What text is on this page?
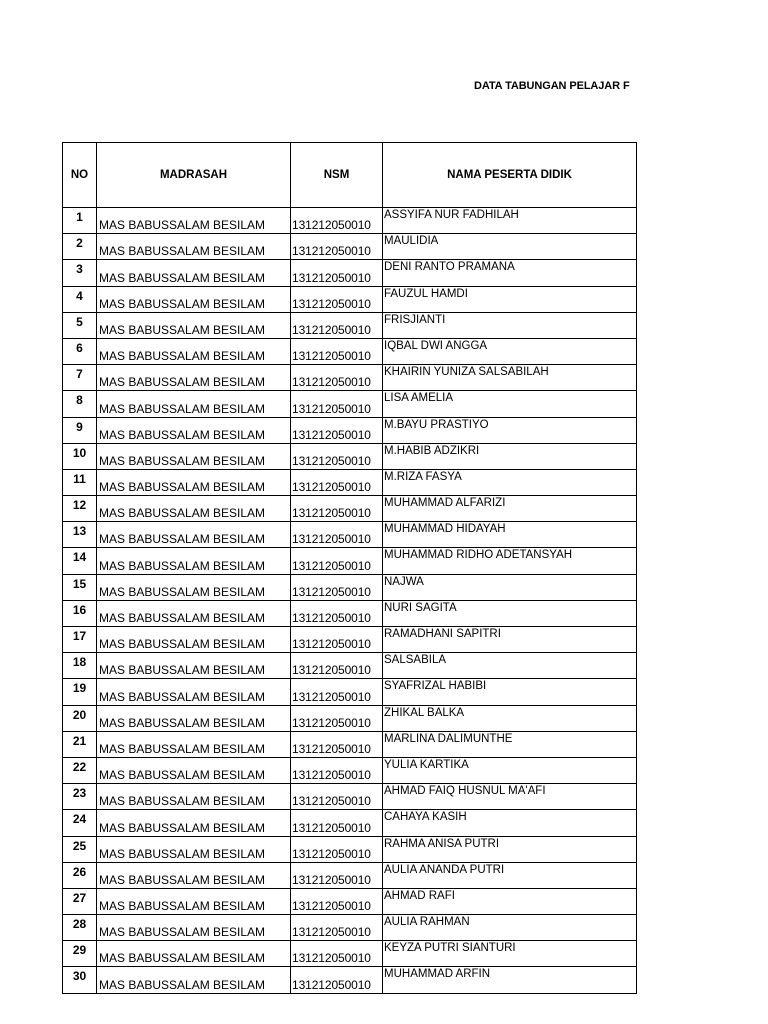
DATA TABUNGAN PELAJAR F
NO	MADRASAH	NSM	NAMA PESERTA DIDIK
1	MAS BABUSSALAM BESILAM	131212050010	ASSYIFA NUR FADHILAH
2	MAS BABUSSALAM BESILAM	131212050010	MAULIDIA
3	MAS BABUSSALAM BESILAM	131212050010	DENI RANTO PRAMANA
4	MAS BABUSSALAM BESILAM	131212050010	FAUZUL HAMDI
5	MAS BABUSSALAM BESILAM	131212050010	FRISJIANTI
6	MAS BABUSSALAM BESILAM	131212050010	IQBAL DWI ANGGA
7	MAS BABUSSALAM BESILAM	131212050010	KHAIRIN YUNIZA SALSABILAH
8	MAS BABUSSALAM BESILAM	131212050010	LISA AMELIA
9	MAS BABUSSALAM BESILAM	131212050010	M.BAYU PRASTIYO
10	MAS BABUSSALAM BESILAM	131212050010	M.HABIB ADZIKRI
11	MAS BABUSSALAM BESILAM	131212050010	M.RIZA FASYA
12	MAS BABUSSALAM BESILAM	131212050010	MUHAMMAD ALFARIZI
13	MAS BABUSSALAM BESILAM	131212050010	MUHAMMAD HIDAYAH
14	MAS BABUSSALAM BESILAM	131212050010	MUHAMMAD RIDHO ADETANSYAH
15	MAS BABUSSALAM BESILAM	131212050010	NAJWA
16	MAS BABUSSALAM BESILAM	131212050010	NURI SAGITA
17	MAS BABUSSALAM BESILAM	131212050010	RAMADHANI SAPITRI
18	MAS BABUSSALAM BESILAM	131212050010	SALSABILA
19	MAS BABUSSALAM BESILAM	131212050010	SYAFRIZAL HABIBI
20	MAS BABUSSALAM BESILAM	131212050010	ZHIKAL BALKA
21	MAS BABUSSALAM BESILAM	131212050010	MARLINA DALIMUNTHE
22	MAS BABUSSALAM BESILAM	131212050010	YULIA KARTIKA
23	MAS BABUSSALAM BESILAM	131212050010	AHMAD FAIQ HUSNUL MA'AFI
24	MAS BABUSSALAM BESILAM	131212050010	CAHAYA KASIH
25	MAS BABUSSALAM BESILAM	131212050010	RAHMA ANISA PUTRI
26	MAS BABUSSALAM BESILAM	131212050010	AULIA ANANDA PUTRI
27	MAS BABUSSALAM BESILAM	131212050010	AHMAD RAFI
28	MAS BABUSSALAM BESILAM	131212050010	AULIA RAHMAN
29	MAS BABUSSALAM BESILAM	131212050010	KEYZA PUTRI SIANTURI
30	MAS BABUSSALAM BESILAM	131212050010	MUHAMMAD ARFIN
